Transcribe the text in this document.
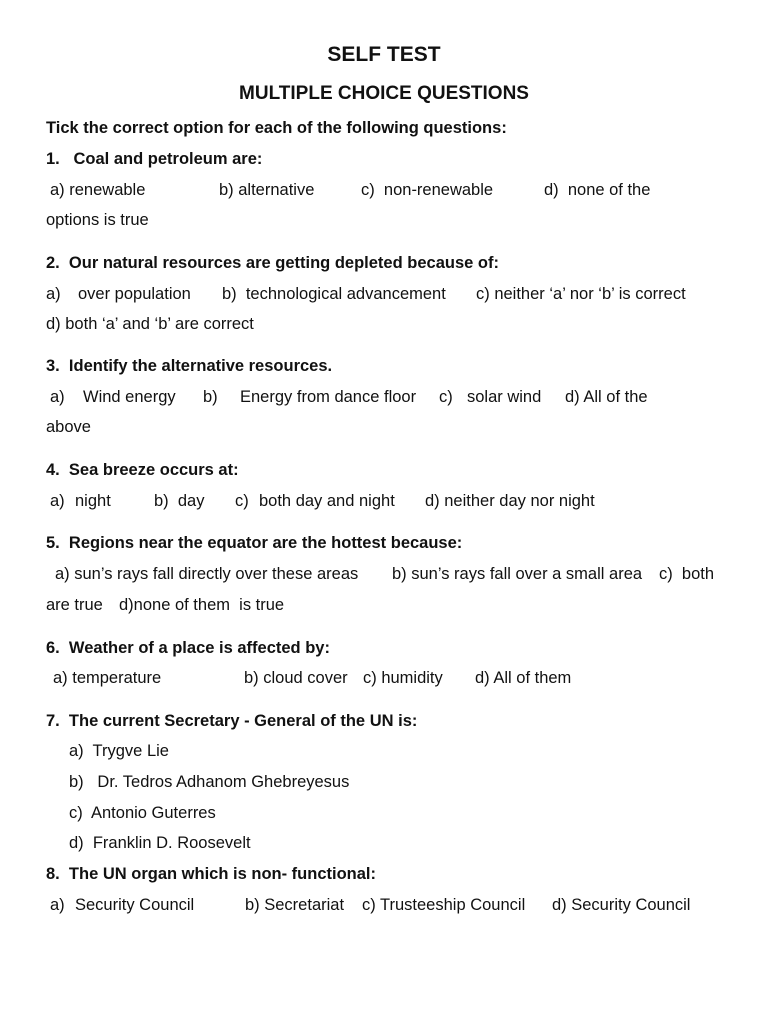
SELF TEST
MULTIPLE CHOICE QUESTIONS
Tick the correct option for each of the following questions:
1.   Coal and petroleum are:
a) renewable	b) alternative	c)  non-renewable	d)  none of the
options is true
2.  Our natural resources are getting depleted because of:
a) over population b)  technological advancement c) neither ‘a’ nor ‘b’ is correct
d) both ‘a’ and ‘b’ are correct
3.  Identify the alternative resources.
a) Wind energy b) Energy from dance floor c) solar wind d) All of the
above
4.  Sea breeze occurs at:
a) night	b)  day c) both day and night d) neither day nor night
5.  Regions near the equator are the hottest because:
a) sun’s rays fall directly over these areas b) sun’s rays fall over a small area c)  both
are true d)none of them  is true
6.  Weather of a place is affected by:
a) temperature	b) cloud cover c) humidity d) All of them
7.  The current Secretary - General of the UN is:
a)  Trygve Lie
b)   Dr. Tedros Adhanom Ghebreyesus
c)  Antonio Guterres
d)  Franklin D. Roosevelt
8.  The UN organ which is non- functional:
a) Security Council	b) Secretariat c) Trusteeship Council d) Security Council
